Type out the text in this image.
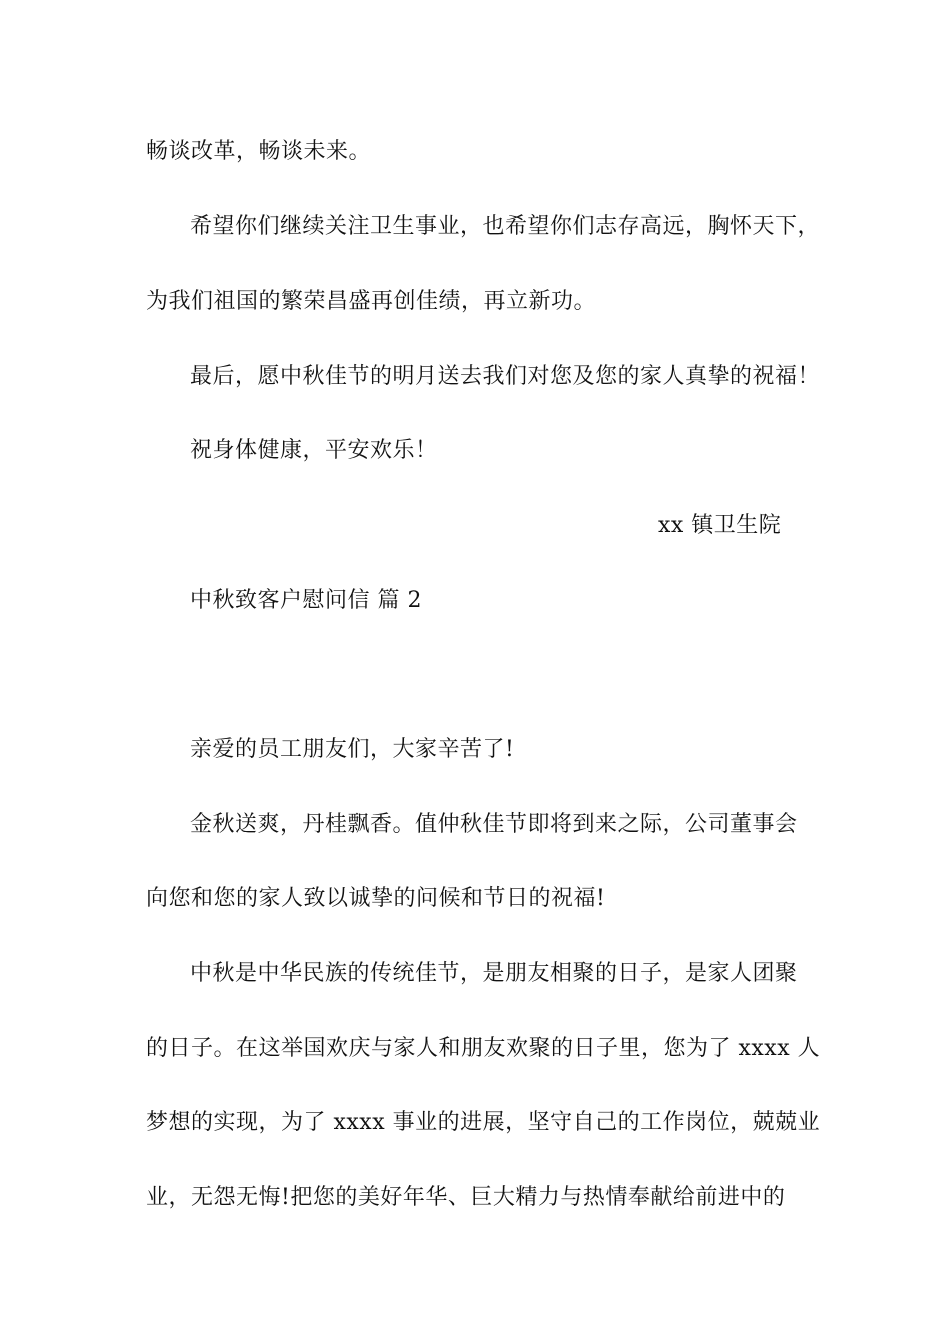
畅谈改革，畅谈未来。
希望你们继续关注卫生事业，也希望你们志存高远，胸怀天下，
为我们祖国的繁荣昌盛再创佳绩，再立新功。
最后，愿中秋佳节的明月送去我们对您及您的家人真挚的祝福！
祝身体健康，平安欢乐！
xx 镇卫生院
中秋致客户慰问信 篇 2
亲爱的员工朋友们，大家辛苦了!
金秋送爽，丹桂飘香。值仲秋佳节即将到来之际，公司董事会
向您和您的家人致以诚挚的问候和节日的祝福!
中秋是中华民族的传统佳节，是朋友相聚的日子，是家人团聚
的日子。在这举国欢庆与家人和朋友欢聚的日子里，您为了 xxxx 人
梦想的实现，为了 xxxx 事业的进展，坚守自己的工作岗位，兢兢业
业，无怨无悔!把您的美好年华、巨大精力与热情奉献给前进中的
